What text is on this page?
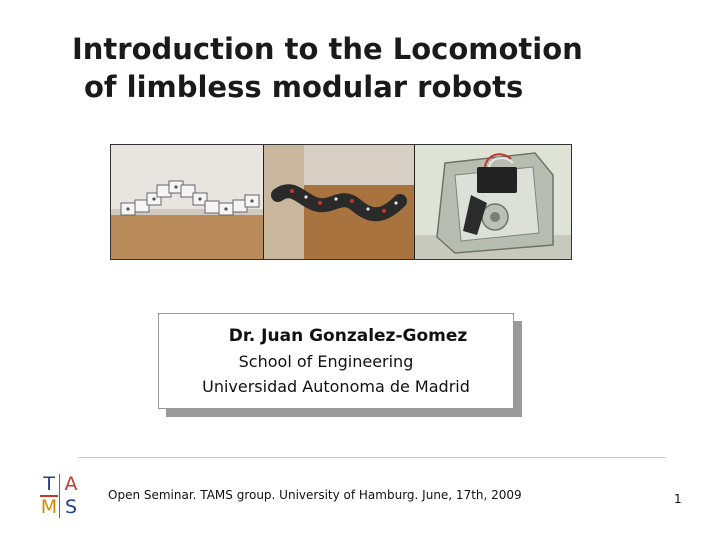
Introduction to the Locomotion
of limbless modular robots
Dr. Juan Gonzalez-Gomez
School of Engineering
Universidad Autonoma de Madrid
T A
M S
Open Seminar. TAMS group. University of Hamburg. June, 17th, 2009	1
